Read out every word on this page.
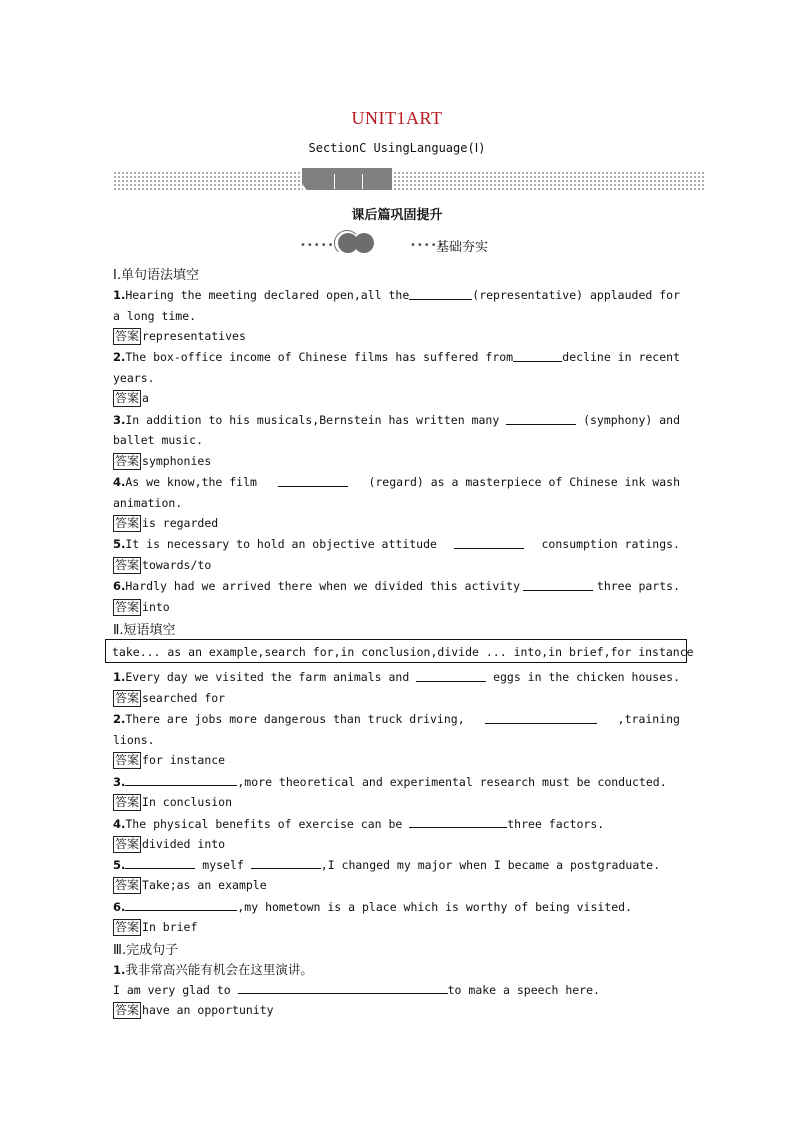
UNIT1ART
SectionC UsingLanguage(Ⅰ)
课后篇巩固提升
•••••	•••••
基础夯实
Ⅰ.单句语法填空
1.Hearing the meeting declared open,all the	(representative) applauded for
a long time.
答案 representatives
2.The box-office income of Chinese films has suffered from	decline in recent
years.
答案 a
3.In addition to his musicals,Bernstein has written many	(symphony) and
ballet music.
答案 symphonies
4.As we know,the film	(regard) as a masterpiece of Chinese ink wash
animation.
答案 is regarded
5.It is necessary to hold an objective attitude	consumption ratings.
答案 towards/to
6.Hardly had we arrived there when we divided this activity	three parts.
答案 into
Ⅱ.短语填空
take... as an example,search for,in conclusion,divide ... into,in brief,for instance
1.Every day we visited the farm animals and	eggs in the chicken houses.
答案 searched for
2.There are jobs more dangerous than truck driving,	,training
lions.
答案 for instance
3.	,more theoretical and experimental research must be conducted.
答案 In conclusion
4.The physical benefits of exercise can be	three factors.
答案 divided into
5.	myself	,I changed my major when I became a postgraduate.
答案 Take;as an example
6.	,my hometown is a place which is worthy of being visited.
答案 In brief
Ⅲ.完成句子
1.我非常高兴能有机会在这里演讲。
I am very glad to	to make a speech here.
答案 have an opportunity
